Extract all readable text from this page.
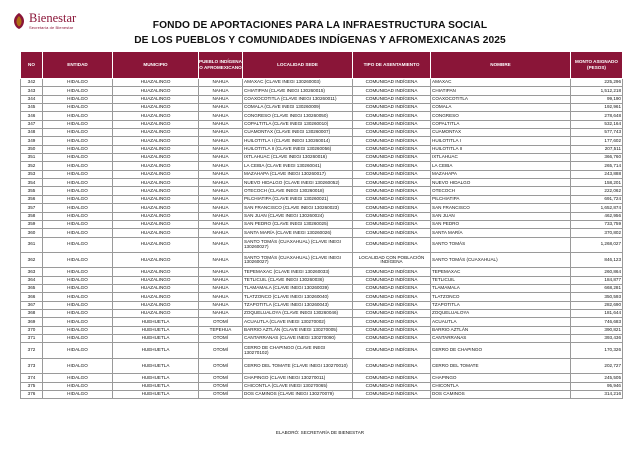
Bienestar
Secretaría de Bienestar	FONDO DE APORTACIONES PARA LA INFRAESTRUCTURA SOCIAL
DE LOS PUEBLOS Y COMUNIDADES INDÍGENAS Y AFROMEXICANAS 2025
NO	ENTIDAD	MUNICIPIO	PUEBLO INDÍGENA O AFROMEXICANO	LOCALIDAD SEDE	TIPO DE ASENTAMIENTO	NOMBRE	MONTO ASIGNADO (PESOS)
342	HIDALGO	HUAZALINGO	NAHUA	AMAXAC (CLAVE INEGI 130260003)	COMUNIDAD INDÍGENA	AMAXAC	225,296
343	HIDALGO	HUAZALINGO	NAHUA	CHIATIPAN (CLAVE INEGI 130260015)	COMUNIDAD INDÍGENA	CHIATIPAN	1,512,218
344	HIDALGO	HUAZALINGO	NAHUA	COAXOCOTITLA (CLAVE INEGI 130260011)	COMUNIDAD INDÍGENA	COAXOCOTITLA	99,190
345	HIDALGO	HUAZALINGO	NAHUA	COMALA (CLAVE INEGI 130260009)	COMUNIDAD INDÍGENA	COMALA	192,961
346	HIDALGO	HUAZALINGO	NAHUA	CONGRESO (CLAVE INEGI 130260050)	COMUNIDAD INDÍGENA	CONGRESO	278,648
347	HIDALGO	HUAZALINGO	NAHUA	COPALTITLA (CLAVE INEGI 130260010)	COMUNIDAD INDÍGENA	COPALTITLA	532,164
348	HIDALGO	HUAZALINGO	NAHUA	CUAMONTAX (CLAVE INEGI 130260007)	COMUNIDAD INDÍGENA	CUAMONTAX	577,743
349	HIDALGO	HUAZALINGO	NAHUA	HUILOTITLA I (CLAVE INEGI 130260014)	COMUNIDAD INDÍGENA	HUILOTITLA I	177,602
350	HIDALGO	HUAZALINGO	NAHUA	HUILOTITLA II (CLAVE INEGI 130260056)	COMUNIDAD INDÍGENA	HUILOTITLA II	207,511
351	HIDALGO	HUAZALINGO	NAHUA	IXTLAHUAC (CLAVE INEGI 130260016)	COMUNIDAD INDÍGENA	IXTLAHUAC	366,760
352	HIDALGO	HUAZALINGO	NAHUA	LA CEIBA (CLAVE INEGI 130260041)	COMUNIDAD INDÍGENA	LA CEIBA	265,714
353	HIDALGO	HUAZALINGO	NAHUA	MAZAHAPA (CLAVE INEGI 130260017)	COMUNIDAD INDÍGENA	MAZAHAPA	243,888
354	HIDALGO	HUAZALINGO	NAHUA	NUEVO HIDALGO (CLAVE INEGI 130260052)	COMUNIDAD INDÍGENA	NUEVO HIDALGO	158,201
355	HIDALGO	HUAZALINGO	NAHUA	OTECOCH (CLAVE INEGI 130260018)	COMUNIDAD INDÍGENA	OTECOCH	222,062
356	HIDALGO	HUAZALINGO	NAHUA	PILCHIATIPA (CLAVE INEGI 130260021)	COMUNIDAD INDÍGENA	PILCHIATIPA	691,724
357	HIDALGO	HUAZALINGO	NAHUA	SAN FRANCISCO (CLAVE INEGI 130260023)	COMUNIDAD INDÍGENA	SAN FRANCISCO	1,652,874
358	HIDALGO	HUAZALINGO	NAHUA	SAN JUAN (CLAVE INEGI 130260024)	COMUNIDAD INDÍGENA	SAN JUAN	462,956
359	HIDALGO	HUAZALINGO	NAHUA	SAN PEDRO (CLAVE INEGI 130260025)	COMUNIDAD INDÍGENA	SAN PEDRO	733,759
360	HIDALGO	HUAZALINGO	NAHUA	SANTA MARÍA (CLAVE INEGI 130260026)	COMUNIDAD INDÍGENA	SANTA MARÍA	370,802
361	HIDALGO	HUAZALINGO	NAHUA	SANTO TOMÁS (CUAXAHUAL) (CLAVE INEGI 130260027)	COMUNIDAD INDÍGENA	SANTO TOMÁS	1,268,027
362	HIDALGO	HUAZALINGO	NAHUA	SANTO TOMÁS (CUAXAHUAL) (CLAVE INEGI 130260027)	LOCALIDAD CON POBLACIÓN INDÍGENA	SANTO TOMÁS (CUAXAHUAL)	846,123
363	HIDALGO	HUAZALINGO	NAHUA	TEPEMAXAC (CLAVE INEGI 130260033)	COMUNIDAD INDÍGENA	TEPEMAXAC	260,864
364	HIDALGO	HUAZALINGO	NAHUA	TETLICUIL (CLAVE INEGI 130260036)	COMUNIDAD INDÍGENA	TETLICUIL	184,877
365	HIDALGO	HUAZALINGO	NAHUA	TLAMAMALA (CLAVE INEGI 130260039)	COMUNIDAD INDÍGENA	TLAMAMALA	668,281
366	HIDALGO	HUAZALINGO	NAHUA	TLATZONCO (CLAVE INEGI 130260040)	COMUNIDAD INDÍGENA	TLATZONCO	350,593
367	HIDALGO	HUAZALINGO	NAHUA	TZAPOTITLA (CLAVE INEGI 130260043)	COMUNIDAD INDÍGENA	TZAPOTITLA	282,690
368	HIDALGO	HUAZALINGO	NAHUA	ZOQUELUALOYA (CLAVE INEGI 130260046)	COMUNIDAD INDÍGENA	ZOQUELUALOYA	181,644
369	HIDALGO	HUEHUETLA	OTOMÍ	ACUAUTLA (CLAVE INEGI 130270002)	COMUNIDAD INDÍGENA	ACUAUTLA	746,683
370	HIDALGO	HUEHUETLA	TEPEHUA	BARRIO AZTLÁN (CLAVE INEGI 130270005)	COMUNIDAD INDÍGENA	BARRIO AZTLÁN	390,821
371	HIDALGO	HUEHUETLA	OTOMÍ	CANTARRANAS (CLAVE INEGI 130270090)	COMUNIDAD INDÍGENA	CANTARRANAS	393,436
372	HIDALGO	HUEHUETLA	OTOMÍ	CERRO DE CHAPINGO (CLAVE INEGI 130270102)	COMUNIDAD INDÍGENA	CERRO DE CHAPINGO	170,326
373	HIDALGO	HUEHUETLA	OTOMÍ	CERRO DEL TOMATE (CLAVE INEGI 130270010)	COMUNIDAD INDÍGENA	CERRO DEL TOMATE	202,727
374	HIDALGO	HUEHUETLA	OTOMÍ	CHAPINGO (CLAVE INEGI 130270011)	COMUNIDAD INDÍGENA	CHAPINGO	245,505
375	HIDALGO	HUEHUETLA	OTOMÍ	CHICONTLA (CLAVE INEGI 130270065)	COMUNIDAD INDÍGENA	CHICONTLA	95,946
376	HIDALGO	HUEHUETLA	OTOMÍ	DOS CAMINOS (CLAVE INEGI 130270079)	COMUNIDAD INDÍGENA	DOS CAMINOS	314,216
ELABORÓ: SECRETARÍA DE BIENESTAR
